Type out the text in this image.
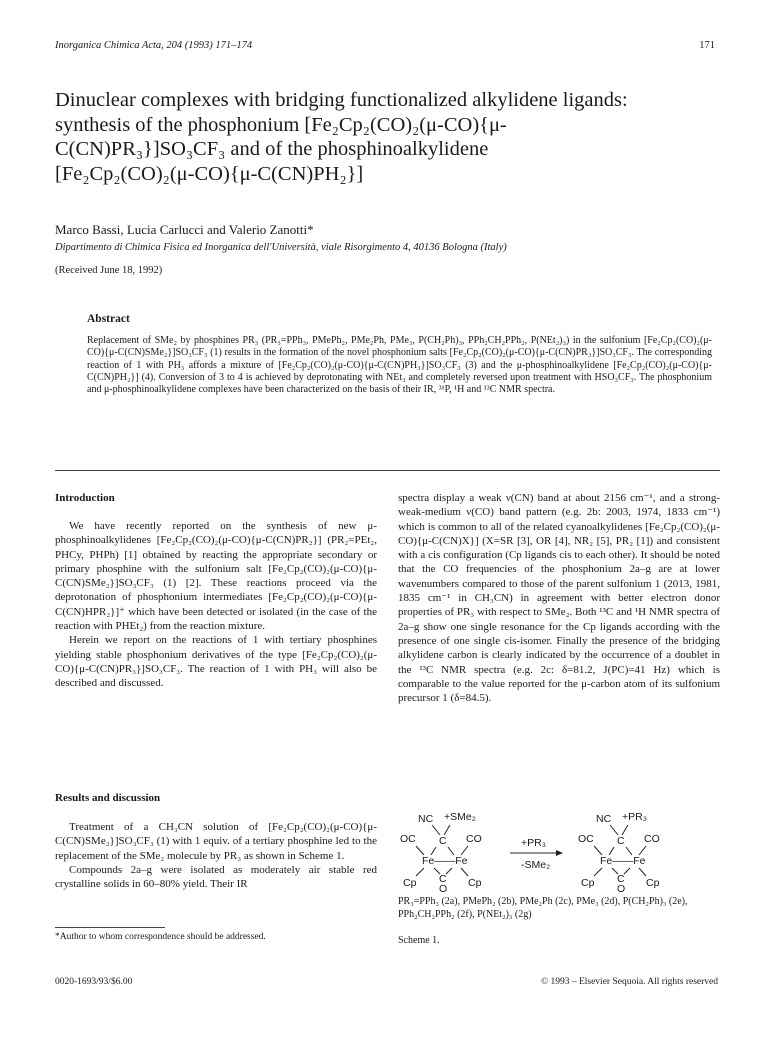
Inorganica Chimica Acta, 204 (1993) 171–174	171
Dinuclear complexes with bridging functionalized alkylidene ligands:
synthesis of the phosphonium [Fe₂Cp₂(CO)₂(μ-CO){μ-
C(CN)PR₃}]SO₃CF₃ and of the phosphinoalkylidene
[Fe₂Cp₂(CO)₂(μ-CO){μ-C(CN)PH₂}]
Marco Bassi, Lucia Carlucci and Valerio Zanotti*
Dipartimento di Chimica Fisica ed Inorganica dell'Università, viale Risorgimento 4, 40136 Bologna (Italy)
(Received June 18, 1992)
Abstract
Replacement of SMe₂ by phosphines PR₃ (PR₃=PPh₃, PMePh₂, PMe₂Ph, PMe₃, P(CH₂Ph)₃, PPh₂CH₂PPh₂, P(NEt₂)₃) in the sulfonium [Fe₂Cp₂(CO)₂(μ-CO){μ-C(CN)SMe₂}]SO₃CF₃ (1) results in the formation of the novel phosphonium salts [Fe₂Cp₂(CO)₂(μ-CO){μ-C(CN)PR₃}]SO₃CF₃. The corresponding reaction of 1 with PH₃ affords a mixture of [Fe₂Cp₂(CO)₂(μ-CO){μ-C(CN)PH₃}]SO₃CF₃ (3) and the μ-phosphinoalkylidene [Fe₂Cp₂(CO)₂(μ-CO){μ-C(CN)PH₂}] (4). Conversion of 3 to 4 is achieved by deprotonating with NEt₃ and completely reversed upon treatment with HSO₃CF₃. The phosphonium and μ-phosphinoalkylidene complexes have been characterized on the basis of their IR, ³¹P, ¹H and ¹³C NMR spectra.
Introduction

We have recently reported on the synthesis of new μ-phosphinoalkylidenes [Fe₂Cp₂(CO)₂(μ-CO){μ-C(CN)PR₂}] (PR₂=PEt₂, PHCy, PHPh) [1] obtained by reacting the appropriate secondary or primary phosphine with the sulfonium salt [Fe₂Cp₂(CO)₂(μ-CO){μ-C(CN)SMe₂}]SO₃CF₃ (1) [2]. These reactions proceed via the deprotonation of phosphonium intermediates [Fe₂Cp₂(CO)₂(μ-CO){μ-C(CN)HPR₂}]⁺ which have been detected or isolated (in the case of the reaction with PHEt₂) from the reaction mixture.

Herein we report on the reactions of 1 with tertiary phosphines yielding stable phosphonium derivatives of the type [Fe₂Cp₂(CO)₂(μ-CO){μ-C(CN)PR₃}]SO₃CF₃. The reaction of 1 with PH₃ will also be described and discussed.

Results and discussion

Treatment of a CH₃CN solution of [Fe₂Cp₂(CO)₂(μ-CO){μ-C(CN)SMe₂}]SO₃CF₃ (1) with 1 equiv. of a tertiary phosphine led to the replacement of the SMe₂ molecule by PR₃ as shown in Scheme 1.

Compounds 2a–g were isolated as moderately air stable red crystalline solids in 60–80% yield. Their IR

spectra display a weak ν(CN) band at about 2156 cm⁻¹, and a strong-weak-medium ν(CO) band pattern (e.g. 2b: 2003, 1974, 1833 cm⁻¹) which is common to all of the related cyanoalkylidenes [Fe₂Cp₂(CO)₂(μ-CO){μ-C(CN)X}] (X=SR [3], OR [4], NR₂ [5], PR₂ [1]) and consistent with a cis configuration (Cp ligands cis to each other). It should be noted that the CO frequencies of the phosphonium 2a–g are at lower wavenumbers compared to those of the parent sulfonium 1 (2013, 1981, 1835 cm⁻¹ in CH₃CN) in agreement with better electron donor properties of PR₃ with respect to SMe₂. Both ¹³C and ¹H NMR spectra of 2a–g show one single resonance for the Cp ligands according with the presence of one single cis-isomer. Finally the presence of the bridging alkylidene carbon is clearly indicated by the occurrence of a doublet in the ¹³C NMR spectra (e.g. 2c: δ=81.2, J(PC)=41 Hz) which is comparable to the value reported for the μ-carbon atom of its sulfonium precursor 1 (δ=84.5).

NC +SMe₂
OC C CO
Fe——Fe
Cp C
O Cp
+PR₃
-SMe₂
NC +PR₃
OC C CO
Fe——Fe
Cp C
O Cp
PR₃=PPh₃ (2a), PMePh₂ (2b), PMe₂Ph (2c), PMe₃ (2d), P(CH₂Ph)₃ (2e), PPh₂CH₂PPh₂ (2f), P(NEt₂)₃ (2g)
Scheme 1.
*Author to whom correspondence should be addressed.
0020-1693/93/$6.00	© 1993 – Elsevier Sequoia. All rights reserved
